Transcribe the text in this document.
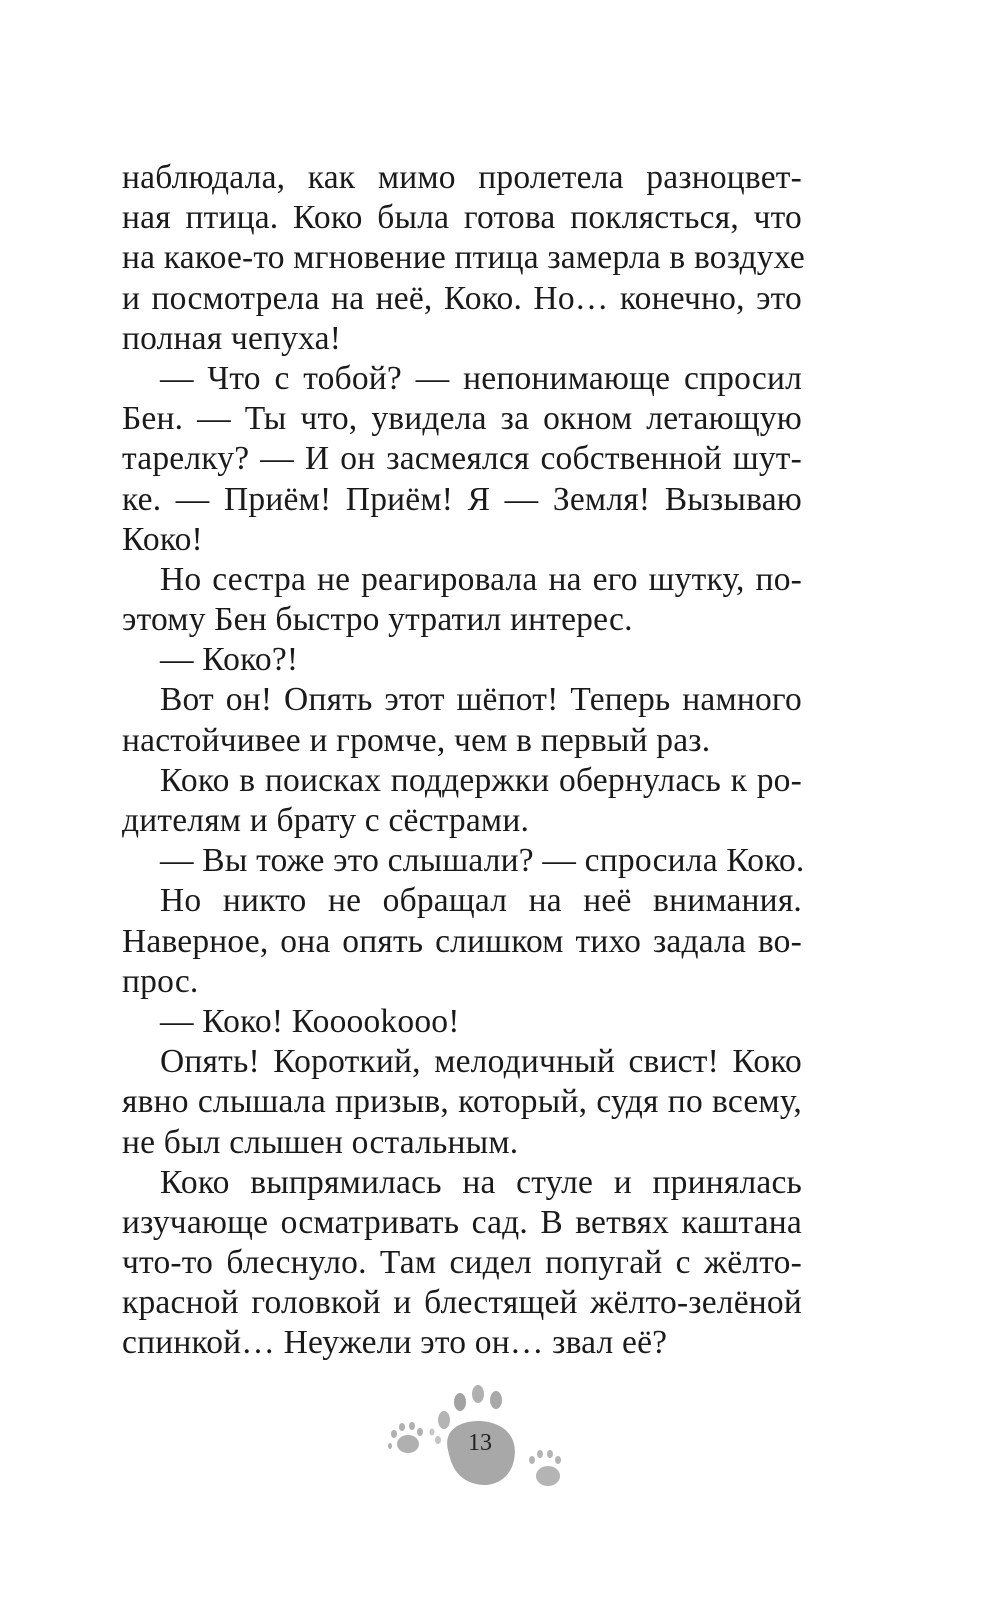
наблюдала, как мимо пролетела разноцвет-
ная птица. Коко была готова поклясться, что
на какое-то мгновение птица замерла в воздухе
и посмотрела на неё, Коко. Но… конечно, это
полная чепуха!
— Что с тобой? — непонимающе спросил
Бен. — Ты что, увидела за окном летающую
тарелку? — И он засмеялся собственной шут-
ке. — Приём! Приём! Я — Земля! Вызываю
Коко!
Но сестра не реагировала на его шутку, по-
этому Бен быстро утратил интерес.
— Коко?!
Вот он! Опять этот шёпот! Теперь намного
настойчивее и громче, чем в первый раз.
Коко в поисках поддержки обернулась к ро-
дителям и брату с сёстрами.
— Вы тоже это слышали? — спросила Коко.
Но никто не обращал на неё внимания.
Наверное, она опять слишком тихо задала во-
прос.
— Коко! Кооооkooo!
Опять! Короткий, мелодичный свист! Коко
явно слышала призыв, который, судя по всему,
не был слышен остальным.
Коко выпрямилась на стуле и принялась
изучающе осматривать сад. В ветвях каштана
что-то блеснуло. Там сидел попугай с жёлто-
красной головкой и блестящей жёлто-зелёной
спинкой… Неужели это он… звал её?
13
